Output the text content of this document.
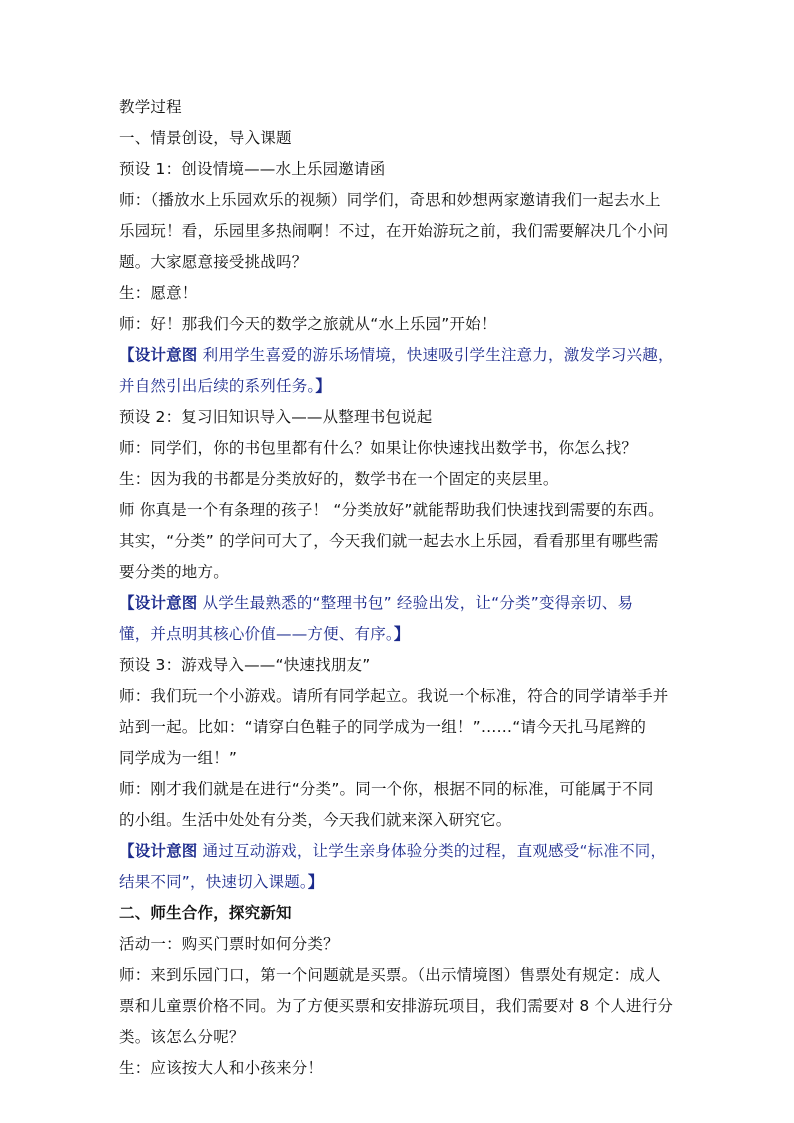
教学过程
一、情景创设，导入课题
预设 1：创设情境——水上乐园邀请函
师：（播放水上乐园欢乐的视频）同学们，奇思和妙想两家邀请我们一起去水上
乐园玩！看，乐园里多热闹啊！不过，在开始游玩之前，我们需要解决几个小问
题。大家愿意接受挑战吗？
生：愿意！
师：好！那我们今天的数学之旅就从“水上乐园”开始！
【设计意图 利用学生喜爱的游乐场情境，快速吸引学生注意力，激发学习兴趣，
并自然引出后续的系列任务。】
预设 2：复习旧知识导入——从整理书包说起
师：同学们，你的书包里都有什么？如果让你快速找出数学书，你怎么找？
生：因为我的书都是分类放好的，数学书在一个固定的夹层里。
师 你真是一个有条理的孩子！ “分类放好”就能帮助我们快速找到需要的东西。
其实，“分类” 的学问可大了，今天我们就一起去水上乐园，看看那里有哪些需
要分类的地方。
【设计意图 从学生最熟悉的“整理书包” 经验出发，让“分类”变得亲切、易
懂，并点明其核心价值——方便、有序。】
预设 3：游戏导入——“快速找朋友”
师：我们玩一个小游戏。请所有同学起立。我说一个标准，符合的同学请举手并
站到一起。比如：“请穿白色鞋子的同学成为一组！”……“请今天扎马尾辫的
同学成为一组！”
师：刚才我们就是在进行“分类”。同一个你，根据不同的标准，可能属于不同
的小组。生活中处处有分类，今天我们就来深入研究它。
【设计意图 通过互动游戏，让学生亲身体验分类的过程，直观感受“标准不同，
结果不同”，快速切入课题。】
二、师生合作，探究新知
活动一：购买门票时如何分类？
师：来到乐园门口，第一个问题就是买票。（出示情境图）售票处有规定：成人
票和儿童票价格不同。为了方便买票和安排游玩项目，我们需要对 8 个人进行分
类。该怎么分呢？
生：应该按大人和小孩来分！
